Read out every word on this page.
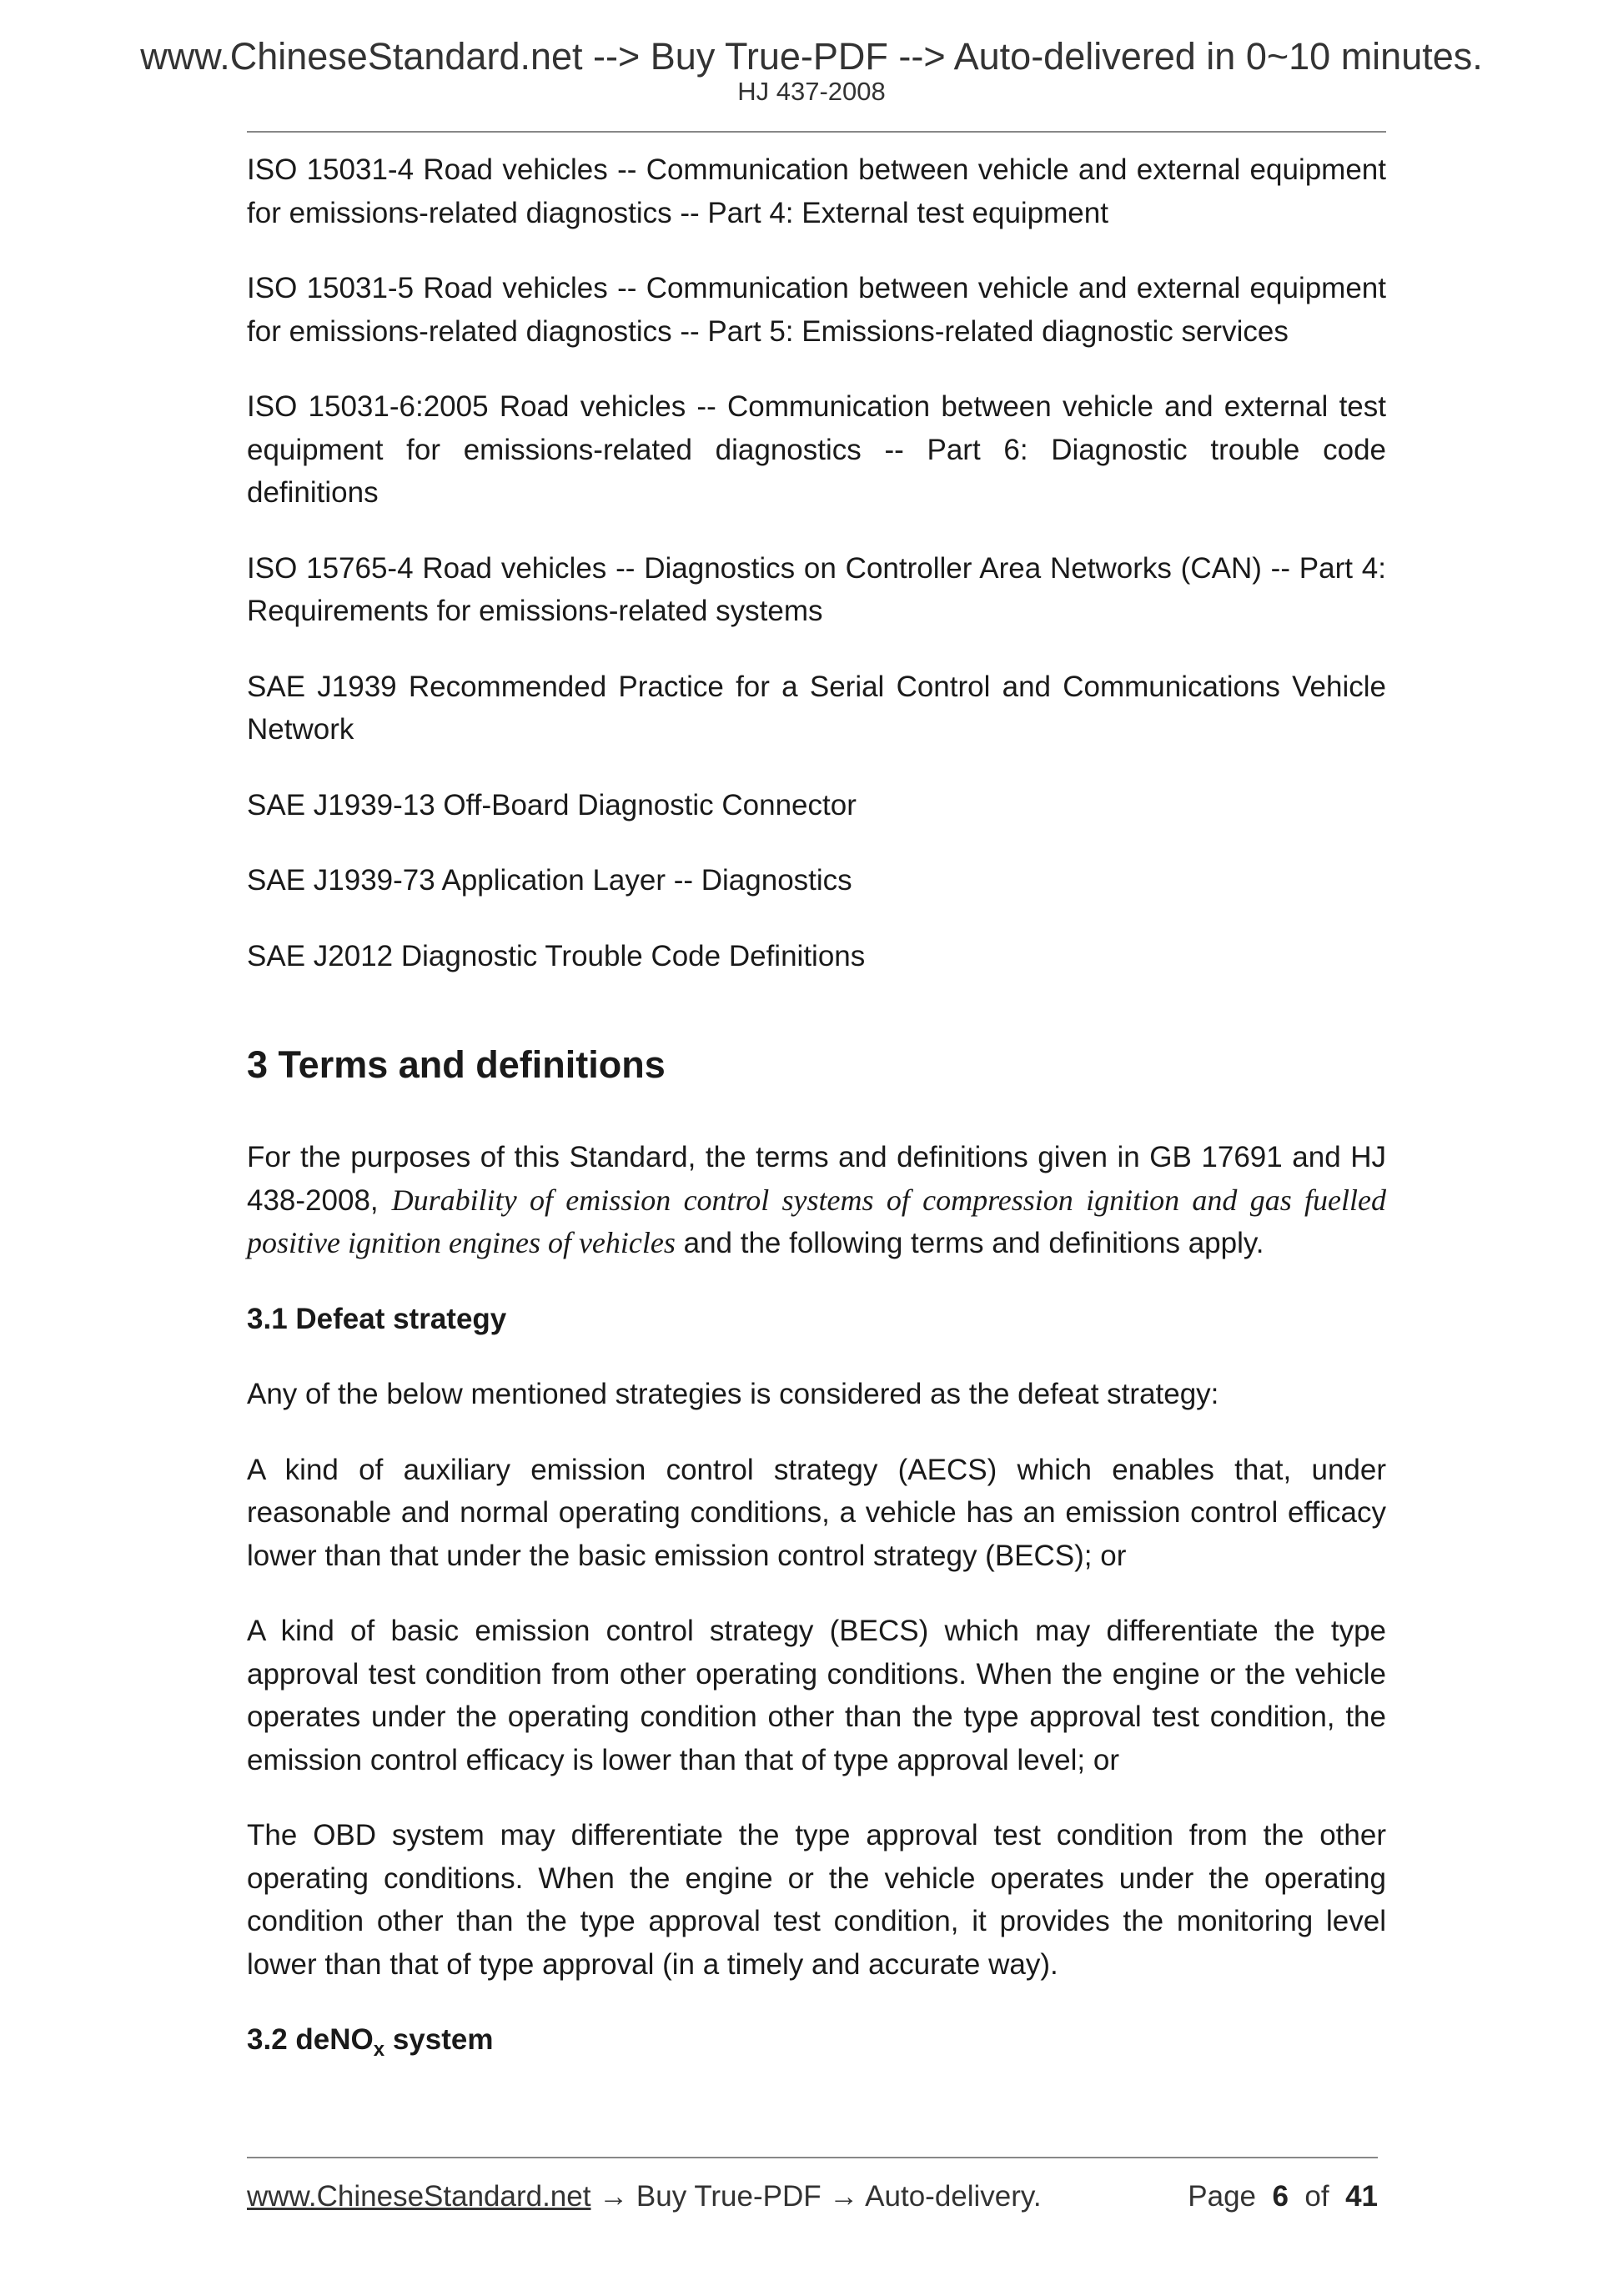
www.ChineseStandard.net --> Buy True-PDF --> Auto-delivered in 0~10 minutes.
HJ 437-2008

ISO 15031-4 Road vehicles -- Communication between vehicle and external equipment for emissions-related diagnostics -- Part 4: External test equipment

ISO 15031-5 Road vehicles -- Communication between vehicle and external equipment for emissions-related diagnostics -- Part 5: Emissions-related diagnostic services

ISO 15031-6:2005 Road vehicles -- Communication between vehicle and external test equipment for emissions-related diagnostics -- Part 6: Diagnostic trouble code definitions

ISO 15765-4 Road vehicles -- Diagnostics on Controller Area Networks (CAN) -- Part 4: Requirements for emissions-related systems

SAE J1939 Recommended Practice for a Serial Control and Communications Vehicle Network

SAE J1939-13 Off-Board Diagnostic Connector

SAE J1939-73 Application Layer -- Diagnostics

SAE J2012 Diagnostic Trouble Code Definitions

3 Terms and definitions

For the purposes of this Standard, the terms and definitions given in GB 17691 and HJ 438-2008, Durability of emission control systems of compression ignition and gas fuelled positive ignition engines of vehicles and the following terms and definitions apply.

3.1 Defeat strategy

Any of the below mentioned strategies is considered as the defeat strategy:

A kind of auxiliary emission control strategy (AECS) which enables that, under reasonable and normal operating conditions, a vehicle has an emission control efficacy lower than that under the basic emission control strategy (BECS); or

A kind of basic emission control strategy (BECS) which may differentiate the type approval test condition from other operating conditions. When the engine or the vehicle operates under the operating condition other than the type approval test condition, the emission control efficacy is lower than that of type approval level; or

The OBD system may differentiate the type approval test condition from the other operating conditions. When the engine or the vehicle operates under the operating condition other than the type approval test condition, it provides the monitoring level lower than that of type approval (in a timely and accurate way).

3.2 deNO$_x$ system

www.ChineseStandard.net → Buy True-PDF → Auto-delivery.	Page 6 of 41
